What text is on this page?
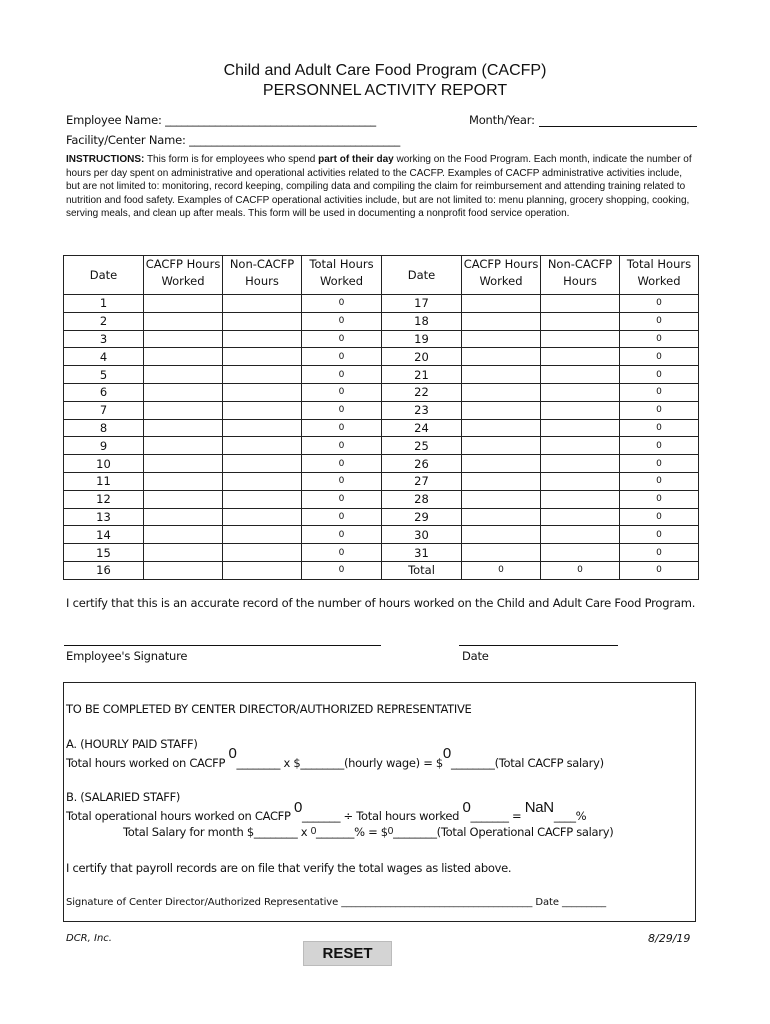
Child and Adult Care Food Program (CACFP)
PERSONNEL ACTIVITY REPORT
Employee Name: ______________________________________	Month/Year:
Facility/Center Name: ______________________________________
INSTRUCTIONS: This form is for employees who spend part of their day working on the Food Program. Each month, indicate the number of hours per day spent on administrative and operational activities related to the CACFP. Examples of CACFP administrative activities include, but are not limited to: monitoring, record keeping, compiling data and compiling the claim for reimbursement and attending training related to nutrition and food safety. Examples of CACFP operational activities include, but are not limited to: menu planning, grocery shopping, cooking, serving meals, and clean up after meals. This form will be used in documenting a nonprofit food service operation.
Date	CACFP Hours Worked	Non-CACFP Hours	Total Hours Worked	Date	CACFP Hours Worked	Non-CACFP Hours	Total Hours Worked
1			0	17			0
2			0	18			0
3			0	19			0
4			0	20			0
5			0	21			0
6			0	22			0
7			0	23			0
8			0	24			0
9			0	25			0
10			0	26			0
11			0	27			0
12			0	28			0
13			0	29			0
14			0	30			0
15			0	31			0
16			0	Total	0	0	0
I certify that this is an accurate record of the number of hours worked on the Child and Adult Care Food Program.
Employee's Signature	Date
TO BE COMPLETED BY CENTER DIRECTOR/AUTHORIZED REPRESENTATIVE
A. (HOURLY PAID STAFF)
Total hours worked on CACFP 0________ x $________(hourly wage) = $0________(Total CACFP salary)
B. (SALARIED STAFF)
Total operational hours worked on CACFP 0_______ ÷ Total hours worked 0_______ = NaN____%
Total Salary for month $________ x 0_______% = $0________(Total Operational CACFP salary)
I certify that payroll records are on file that verify the total wages as listed above.
Signature of Center Director/Authorized Representative _______________________________________ Date _________
DCR, Inc.	8/29/19
RESET
